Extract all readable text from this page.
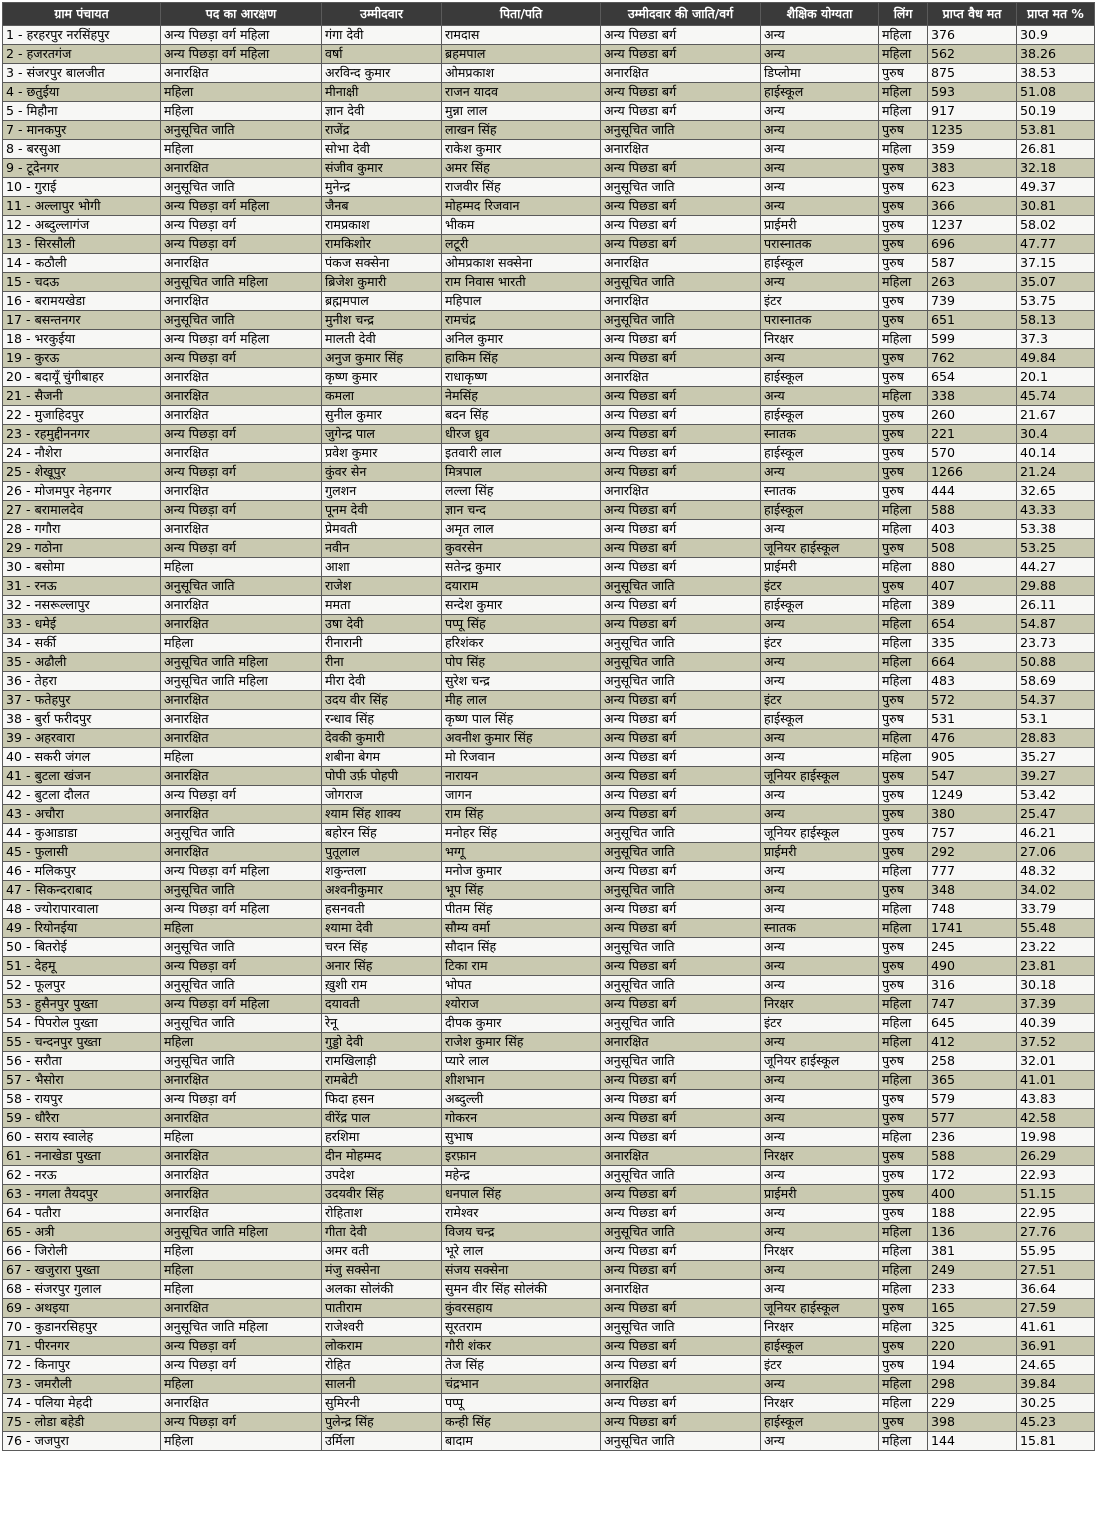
ग्राम पंचायत	पद का आरक्षण	उम्मीदवार	पिता/पति	उम्मीदवार की जाति/वर्ग	शैक्षिक योग्यता	लिंग	प्राप्त वैध मत	प्राप्त मत %
1 - हरहरपुर नरसिंहपुर	अन्य पिछड़ा वर्ग महिला	गंगा देवी	रामदास	अन्य पिछडा बर्ग	अन्य	महिला	376	30.9
2 - हजरतगंज	अन्य पिछड़ा वर्ग महिला	वर्षा	ब्रहमपाल	अन्य पिछडा बर्ग	अन्य	महिला	562	38.26
3 - संजरपुर बालजीत	अनारक्षित	अरविन्द कुमार	ओमप्रकाश	अनारक्षित	डिप्लोमा	पुरुष	875	38.53
4 - छतुईया	महिला	मीनाक्षी	राजन यादव	अन्य पिछडा बर्ग	हाईस्कूल	महिला	593	51.08
5 - मिहौना	महिला	ज्ञान देवी	मुन्ना लाल	अन्य पिछडा बर्ग	अन्य	महिला	917	50.19
7 - मानकपुर	अनुसूचित जाति	राजेंद्र	लाखन सिंह	अनुसूचित जाति	अन्य	पुरुष	1235	53.81
8 - बरसुआ	महिला	सोभा देवी	राकेश कुमार	अनारक्षित	अन्य	महिला	359	26.81
9 - टूदेनगर	अनारक्षित	संजीव कुमार	अमर सिंह	अन्य पिछडा बर्ग	अन्य	पुरुष	383	32.18
10 - गुराई	अनुसूचित जाति	मुनेन्द्र	राजवीर सिंह	अनुसूचित जाति	अन्य	पुरुष	623	49.37
11 - अल्लापुर भोगी	अन्य पिछड़ा वर्ग महिला	जैनब	मोहम्मद रिजवान	अन्य पिछडा बर्ग	अन्य	पुरुष	366	30.81
12 - अब्दुल्लागंज	अन्य पिछड़ा वर्ग	रामप्रकाश	भीकम	अन्य पिछडा बर्ग	प्राईमरी	पुरुष	1237	58.02
13 - सिरसौली	अन्य पिछड़ा वर्ग	रामकिशोर	लटूरी	अन्य पिछडा बर्ग	परास्नातक	पुरुष	696	47.77
14 - कठौली	अनारक्षित	पंकज सक्सेना	ओमप्रकाश सक्सेना	अनारक्षित	हाईस्कूल	पुरुष	587	37.15
15 - चदऊ	अनुसूचित जाति महिला	ब्रिजेश कुमारी	राम निवास भारती	अनुसूचित जाति	अन्य	महिला	263	35.07
16 - बरामयखेडा	अनारक्षित	ब्रह्ममपाल	महिपाल	अनारक्षित	इंटर	पुरुष	739	53.75
17 - बसन्तनगर	अनुसूचित जाति	मुनीश चन्द्र	रामचंद्र	अनुसूचित जाति	परास्नातक	पुरुष	651	58.13
18 - भरकुईया	अन्य पिछड़ा वर्ग महिला	मालती देवी	अनिल कुमार	अन्य पिछडा बर्ग	निरक्षर	महिला	599	37.3
19 - कुरऊ	अन्य पिछड़ा वर्ग	अनुज कुमार सिंह	हाकिम सिंह	अन्य पिछडा बर्ग	अन्य	पुरुष	762	49.84
20 - बदायूँ चुंगीबाहर	अनारक्षित	कृष्ण कुमार	राधाकृष्ण	अनारक्षित	हाईस्कूल	पुरुष	654	20.1
21 - सैजनी	अनारक्षित	कमला	नेमसिंह	अन्य पिछडा बर्ग	अन्य	महिला	338	45.74
22 - मुजाहिदपुर	अनारक्षित	सुनील कुमार	बदन सिंह	अन्य पिछडा बर्ग	हाईस्कूल	पुरुष	260	21.67
23 - रहमुद्दीननगर	अन्य पिछड़ा वर्ग	जुगेन्द्र पाल	धीरज ध्रुव	अन्य पिछडा बर्ग	स्नातक	पुरुष	221	30.4
24 - नौशेरा	अनारक्षित	प्रवेश कुमार	इतवारी लाल	अन्य पिछडा बर्ग	हाईस्कूल	पुरुष	570	40.14
25 - शेखूपुर	अन्य पिछड़ा वर्ग	कुंवर सेन	मित्रपाल	अन्य पिछडा बर्ग	अन्य	पुरुष	1266	21.24
26 - मोजमपुर नेहनगर	अनारक्षित	गुलशन	लल्ला सिंह	अनारक्षित	स्नातक	पुरुष	444	32.65
27 - बरामालदेव	अन्य पिछड़ा वर्ग	पूनम देवी	ज्ञान चन्द	अन्य पिछडा बर्ग	हाईस्कूल	महिला	588	43.33
28 - गगौरा	अनारक्षित	प्रेमवती	अमृत लाल	अन्य पिछडा बर्ग	अन्य	महिला	403	53.38
29 - गठोना	अन्य पिछड़ा वर्ग	नवीन	कुवरसेन	अन्य पिछडा बर्ग	जूनियर हाईस्कूल	पुरुष	508	53.25
30 - बसोमा	महिला	आशा	सतेन्द्र कुमार	अन्य पिछडा बर्ग	प्राईमरी	महिला	880	44.27
31 - रनऊ	अनुसूचित जाति	राजेश	दयाराम	अनुसूचित जाति	इंटर	पुरुष	407	29.88
32 - नसरूल्लापुर	अनारक्षित	ममता	सन्देश कुमार	अन्य पिछडा बर्ग	हाईस्कूल	महिला	389	26.11
33 - धमेई	अनारक्षित	उषा देवी	पप्पू सिंह	अन्य पिछडा बर्ग	अन्य	महिला	654	54.87
34 - सर्की	महिला	रीनारानी	हरिशंकर	अनुसूचित जाति	इंटर	महिला	335	23.73
35 - अढौली	अनुसूचित जाति महिला	रीना	पोप सिंह	अनुसूचित जाति	अन्य	महिला	664	50.88
36 - तेहरा	अनुसूचित जाति महिला	मीरा देवी	सुरेश चन्द्र	अनुसूचित जाति	अन्य	महिला	483	58.69
37 - फतेहपुर	अनारक्षित	उदय वीर सिंह	मीह लाल	अन्य पिछडा बर्ग	इंटर	पुरुष	572	54.37
38 - बुर्रा फरीदपुर	अनारक्षित	रन्धाव सिंह	कृष्ण पाल सिंह	अन्य पिछडा बर्ग	हाईस्कूल	पुरुष	531	53.1
39 - अहरवारा	अनारक्षित	देवकी कुमारी	अवनीश कुमार सिंह	अन्य पिछडा बर्ग	अन्य	महिला	476	28.83
40 - सकरी जंगल	महिला	शबीना बेगम	मो रिजवान	अन्य पिछडा बर्ग	अन्य	महिला	905	35.27
41 - बुटला खंजन	अनारक्षित	पोपी उर्फ़ पोहपी	नारायन	अन्य पिछडा बर्ग	जूनियर हाईस्कूल	पुरुष	547	39.27
42 - बुटला दौलत	अन्य पिछड़ा वर्ग	जोगराज	जागन	अन्य पिछडा बर्ग	अन्य	पुरुष	1249	53.42
43 - अचौरा	अनारक्षित	श्याम सिंह शाक्य	राम सिंह	अन्य पिछडा बर्ग	अन्य	पुरुष	380	25.47
44 - कुआडाडा	अनुसूचित जाति	बहोरन सिंह	मनोहर सिंह	अनुसूचित जाति	जूनियर हाईस्कूल	पुरुष	757	46.21
45 - फुलासी	अनारक्षित	पुतूलाल	भग्गू	अनुसूचित जाति	प्राईमरी	पुरुष	292	27.06
46 - मलिकपुर	अन्य पिछड़ा वर्ग महिला	शकुन्तला	मनोज कुमार	अन्य पिछडा बर्ग	अन्य	महिला	777	48.32
47 - सिकन्दराबाद	अनुसूचित जाति	अश्वनीकुमार	भूप सिंह	अनुसूचित जाति	अन्य	पुरुष	348	34.02
48 - ज्योरापारवाला	अन्य पिछड़ा वर्ग महिला	हसनवती	पीतम सिंह	अन्य पिछडा बर्ग	अन्य	महिला	748	33.79
49 - रियोनईया	महिला	श्यामा देवी	सौम्य वर्मा	अन्य पिछडा बर्ग	स्नातक	महिला	1741	55.48
50 - बितरोई	अनुसूचित जाति	चरन सिंह	सौदान सिंह	अनुसूचित जाति	अन्य	पुरुष	245	23.22
51 - देहमू	अन्य पिछड़ा वर्ग	अनार सिंह	टिका राम	अन्य पिछडा बर्ग	अन्य	पुरुष	490	23.81
52 - फूलपुर	अनुसूचित जाति	ख़ुशी राम	भोपत	अनुसूचित जाति	अन्य	पुरुष	316	30.18
53 - हुसैनपुर पुख्ता	अन्य पिछड़ा वर्ग महिला	दयावती	श्योराज	अन्य पिछडा बर्ग	निरक्षर	महिला	747	37.39
54 - पिपरोल पुख्ता	अनुसूचित जाति	रेनू	दीपक कुमार	अनुसूचित जाति	इंटर	महिला	645	40.39
55 - चन्दनपुर पुख्ता	महिला	गुड्डो देवी	राजेश कुमार सिंह	अनारक्षित	अन्य	महिला	412	37.52
56 - सरौता	अनुसूचित जाति	रामखिलाड़ी	प्यारे लाल	अनुसूचित जाति	जूनियर हाईस्कूल	पुरुष	258	32.01
57 - भैसोरा	अनारक्षित	रामबेटी	शीशभान	अन्य पिछडा बर्ग	अन्य	महिला	365	41.01
58 - रायपुर	अन्य पिछड़ा वर्ग	फिदा हसन	अब्दुल्ली	अन्य पिछडा बर्ग	अन्य	पुरुष	579	43.83
59 - धौरैरा	अनारक्षित	वीरेंद्र पाल	गोकरन	अन्य पिछडा बर्ग	अन्य	पुरुष	577	42.58
60 - सराय स्वालेह	महिला	हरशिमा	सुभाष	अन्य पिछडा बर्ग	अन्य	महिला	236	19.98
61 - ननाखेडा पुख्ता	अनारक्षित	दीन मोहम्मद	इरफ़ान	अनारक्षित	निरक्षर	पुरुष	588	26.29
62 - नरऊ	अनारक्षित	उपदेश	महेन्द्र	अनुसूचित जाति	अन्य	पुरुष	172	22.93
63 - नगला तैयदपुर	अनारक्षित	उदयवीर सिंह	धनपाल सिंह	अन्य पिछडा बर्ग	प्राईमरी	पुरुष	400	51.15
64 - पतौरा	अनारक्षित	रोहिताश	रामेश्वर	अन्य पिछडा बर्ग	अन्य	पुरुष	188	22.95
65 - अत्री	अनुसूचित जाति महिला	गीता देवी	विजय चन्द्र	अनुसूचित जाति	अन्य	महिला	136	27.76
66 - जिरोली	महिला	अमर वती	भूरे लाल	अन्य पिछडा बर्ग	निरक्षर	महिला	381	55.95
67 - खजुरारा पुख्ता	महिला	मंजु सक्सेना	संजय सक्सेना	अन्य पिछडा बर्ग	अन्य	महिला	249	27.51
68 - संजरपुर गुलाल	महिला	अलका सोलंकी	सुमन वीर सिंह सोलंकी	अनारक्षित	अन्य	महिला	233	36.64
69 - अथइया	अनारक्षित	पातीराम	कुंवरसहाय	अन्य पिछडा बर्ग	जूनियर हाईस्कूल	पुरुष	165	27.59
70 - कुडानरसिहपुर	अनुसूचित जाति महिला	राजेश्वरी	सूरतराम	अनुसूचित जाति	निरक्षर	महिला	325	41.61
71 - पीरनगर	अन्य पिछड़ा वर्ग	लोकराम	गौरी शंकर	अन्य पिछडा बर्ग	हाईस्कूल	पुरुष	220	36.91
72 - किनापुर	अन्य पिछड़ा वर्ग	रोहित	तेज सिंह	अन्य पिछडा बर्ग	इंटर	पुरुष	194	24.65
73 - जमरौली	महिला	सालनी	चंद्रभान	अनारक्षित	अन्य	महिला	298	39.84
74 - पलिया मेहदी	अनारक्षित	सुमिरनी	पप्पू	अन्य पिछडा बर्ग	निरक्षर	महिला	229	30.25
75 - लोडा बहेडी	अन्य पिछड़ा वर्ग	पुलेन्द्र सिंह	कन्ही सिंह	अन्य पिछडा बर्ग	हाईस्कूल	पुरुष	398	45.23
76 - जजपुरा	महिला	उर्मिला	बादाम	अनुसूचित जाति	अन्य	महिला	144	15.81
